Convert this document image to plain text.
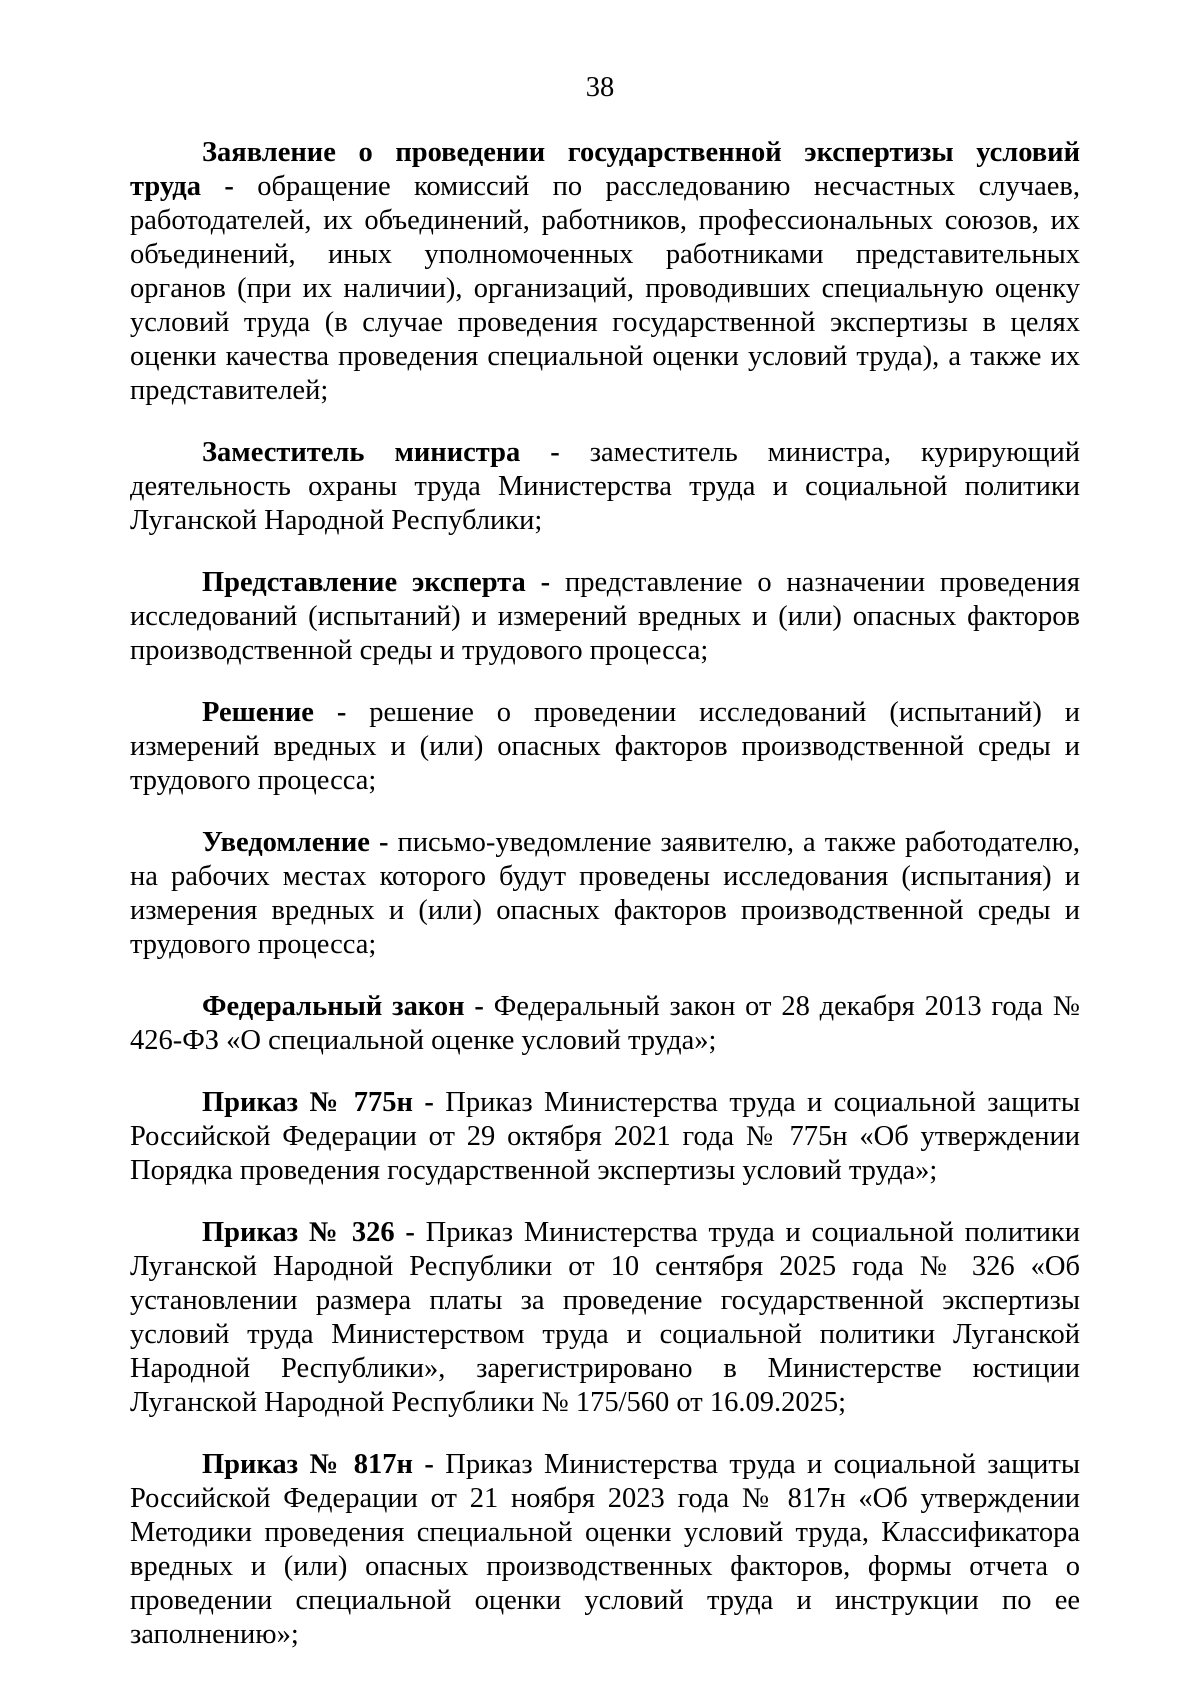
38

Заявление о проведении государственной экспертизы условий труда - обращение комиссий по расследованию несчастных случаев, работодателей, их объединений, работников, профессиональных союзов, их объединений, иных уполномоченных работниками представительных органов (при их наличии), организаций, проводивших специальную оценку условий труда (в случае проведения государственной экспертизы в целях оценки качества проведения специальной оценки условий труда), а также их представителей;

Заместитель министра - заместитель министра, курирующий деятельность охраны труда Министерства труда и социальной политики Луганской Народной Республики;

Представление эксперта - представление о назначении проведения исследований (испытаний) и измерений вредных и (или) опасных факторов производственной среды и трудового процесса;

Решение - решение о проведении исследований (испытаний) и измерений вредных и (или) опасных факторов производственной среды и трудового процесса;

Уведомление - письмо-уведомление заявителю, а также работодателю, на рабочих местах которого будут проведены исследования (испытания) и измерения вредных и (или) опасных факторов производственной среды и трудового процесса;

Федеральный закон - Федеральный закон от 28 декабря 2013 года № 426-ФЗ «О специальной оценке условий труда»;

Приказ № 775н - Приказ Министерства труда и социальной защиты Российской Федерации от 29 октября 2021 года № 775н «Об утверждении Порядка проведения государственной экспертизы условий труда»;

Приказ № 326 - Приказ Министерства труда и социальной политики Луганской Народной Республики от 10 сентября 2025 года № 326 «Об установлении размера платы за проведение государственной экспертизы условий труда Министерством труда и социальной политики Луганской Народной Республики», зарегистрировано в Министерстве юстиции Луганской Народной Республики № 175/560 от 16.09.2025;

Приказ № 817н - Приказ Министерства труда и социальной защиты Российской Федерации от 21 ноября 2023 года № 817н «Об утверждении Методики проведения специальной оценки условий труда, Классификатора вредных и (или) опасных производственных факторов, формы отчета о проведении специальной оценки условий труда и инструкции по ее заполнению»;
